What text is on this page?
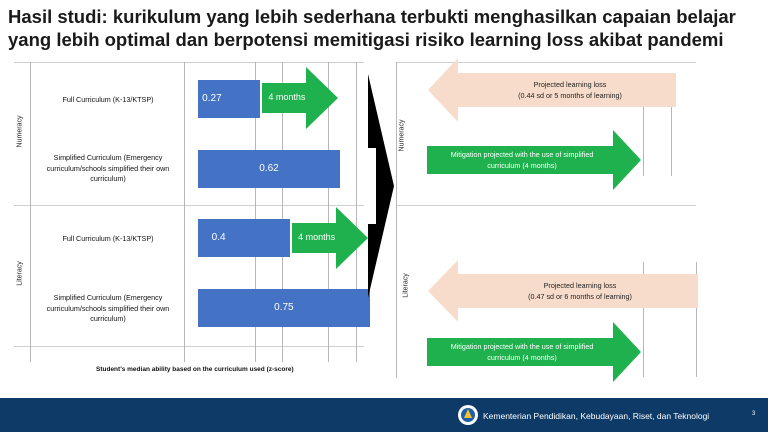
Hasil studi: kurikulum yang lebih sederhana terbukti menghasilkan capaian belajar
yang lebih optimal dan berpotensi memitigasi risiko learning loss akibat pandemi
Numeracy
Literacy
Full Curriculum (K-13/KTSP)
Simplified Curriculum (Emergency
curriculum/schools simplified their own
curriculum)
Full Curriculum (K-13/KTSP)
Simplified Curriculum (Emergency
curriculum/schools simplified their own
curriculum)
0.27
0.62
0.4
0.75
4 months
4 months
Student's median ability based on the curriculum used (z-score)
Numeracy
Literacy
Projected learning loss
(0.44 sd or 5 months of learning)
Mitigation projected with the use of simplified
curriculum (4 months)
Projected learning loss
(0.47 sd or 6 months of learning)
Mitigation projected with the use of simplified
curriculum (4 months)
Kementerian Pendidikan, Kebudayaan, Riset, dan Teknologi	3
